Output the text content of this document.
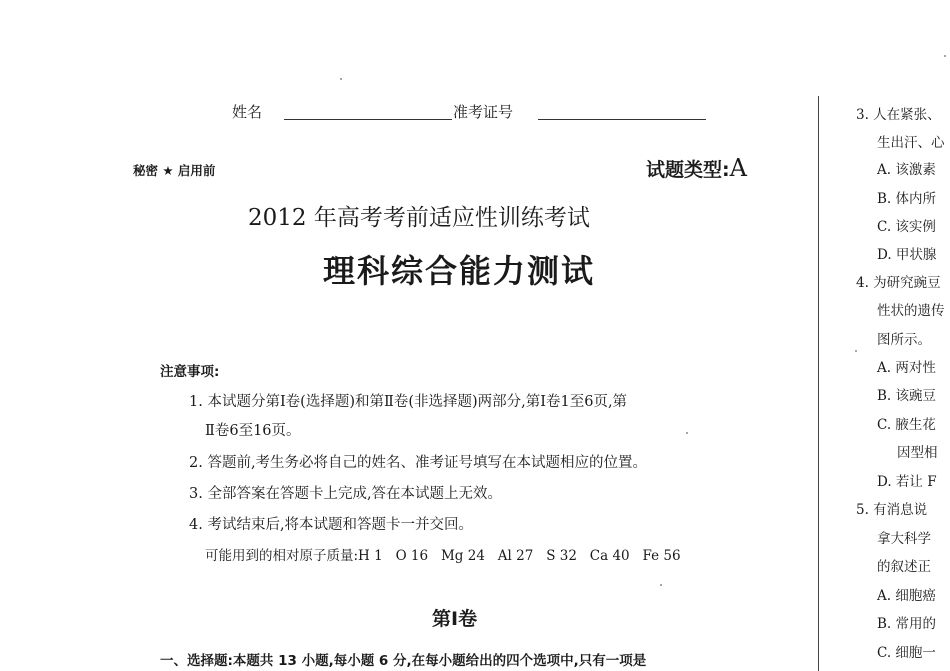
姓名	准考证号
秘密 ★ 启用前	试题类型:A
2012 年高考考前适应性训练考试
理科综合能力测试
注意事项:
1. 本试题分第Ⅰ卷(选择题)和第Ⅱ卷(非选择题)两部分,第Ⅰ卷1至6页,第
Ⅱ卷6至16页。
2. 答题前,考生务必将自己的姓名、准考证号填写在本试题相应的位置。
3. 全部答案在答题卡上完成,答在本试题上无效。
4. 考试结束后,将本试题和答题卡一并交回。
可能用到的相对原子质量:H 1   O 16   Mg 24   Al 27   S 32   Ca 40   Fe 56
第Ⅰ卷
一、选择题:本题共 13 小题,每小题 6 分,在每小题给出的四个选项中,只有一项是
3. 人在紧张、
生出汗、心
A. 该激素
B. 体内所
C. 该实例
D. 甲状腺
4. 为研究豌豆
性状的遗传
图所示。
A. 两对性
B. 该豌豆
C. 腋生花
因型相
D. 若让 F
5. 有消息说
拿大科学
的叙述正
A. 细胞癌
B. 常用的
C. 细胞一
